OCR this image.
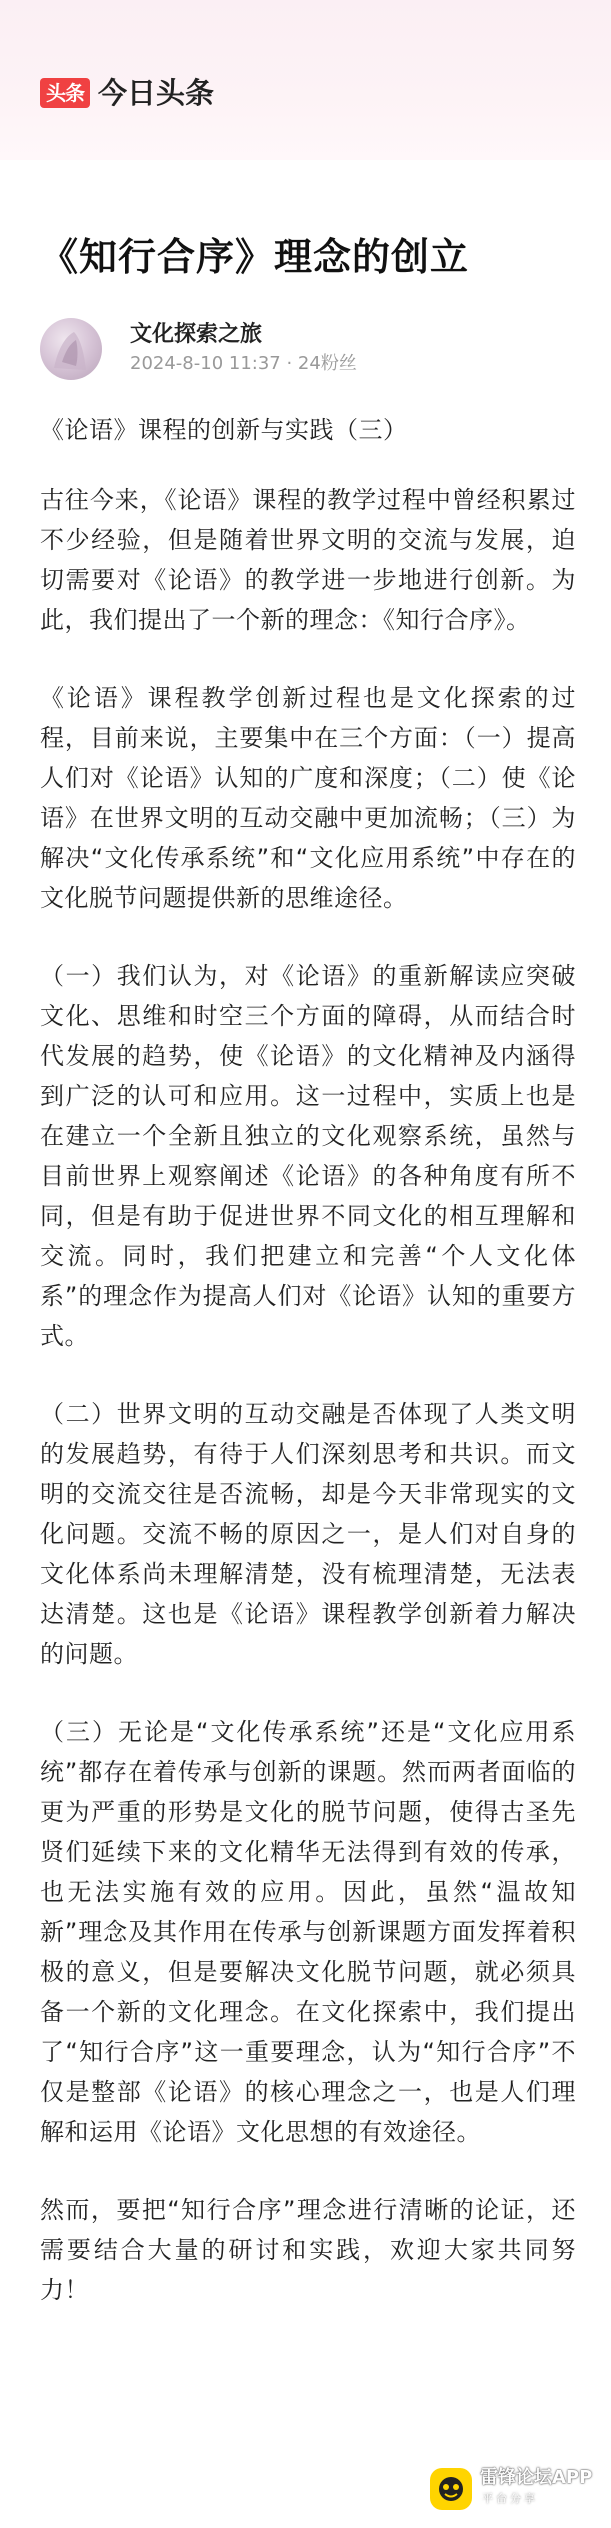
头条 今日头条
《知行合序》理念的创立
文化探索之旅
2024-8-10 11:37 · 24粉丝

《论语》课程的创新与实践（三）

古往今来，《论语》课程的教学过程中曾经积累过不少经验，但是随着世界文明的交流与发展，迫切需要对《论语》的教学进一步地进行创新。为此，我们提出了一个新的理念：《知行合序》。

《论语》课程教学创新过程也是文化探索的过程，目前来说，主要集中在三个方面：（一）提高人们对《论语》认知的广度和深度；（二）使《论语》在世界文明的互动交融中更加流畅；（三）为解决“文化传承系统”和“文化应用系统”中存在的文化脱节问题提供新的思维途径。

（一）我们认为，对《论语》的重新解读应突破文化、思维和时空三个方面的障碍，从而结合时代发展的趋势，使《论语》的文化精神及内涵得到广泛的认可和应用。这一过程中，实质上也是在建立一个全新且独立的文化观察系统，虽然与目前世界上观察阐述《论语》的各种角度有所不同，但是有助于促进世界不同文化的相互理解和交流。同时，我们把建立和完善“个人文化体系”的理念作为提高人们对《论语》认知的重要方式。

（二）世界文明的互动交融是否体现了人类文明的发展趋势，有待于人们深刻思考和共识。而文明的交流交往是否流畅，却是今天非常现实的文化问题。交流不畅的原因之一，是人们对自身的文化体系尚未理解清楚，没有梳理清楚，无法表达清楚。这也是《论语》课程教学创新着力解决的问题。

（三）无论是“文化传承系统”还是“文化应用系统”都存在着传承与创新的课题。然而两者面临的更为严重的形势是文化的脱节问题，使得古圣先贤们延续下来的文化精华无法得到有效的传承，也无法实施有效的应用。因此，虽然“温故知新”理念及其作用在传承与创新课题方面发挥着积极的意义，但是要解决文化脱节问题，就必须具备一个新的文化理念。在文化探索中，我们提出了“知行合序”这一重要理念，认为“知行合序”不仅是整部《论语》的核心理念之一，也是人们理解和运用《论语》文化思想的有效途径。

然而，要把“知行合序”理念进行清晰的论证，还需要结合大量的研讨和实践，欢迎大家共同努力！

雷锋论坛APP
平台分享
